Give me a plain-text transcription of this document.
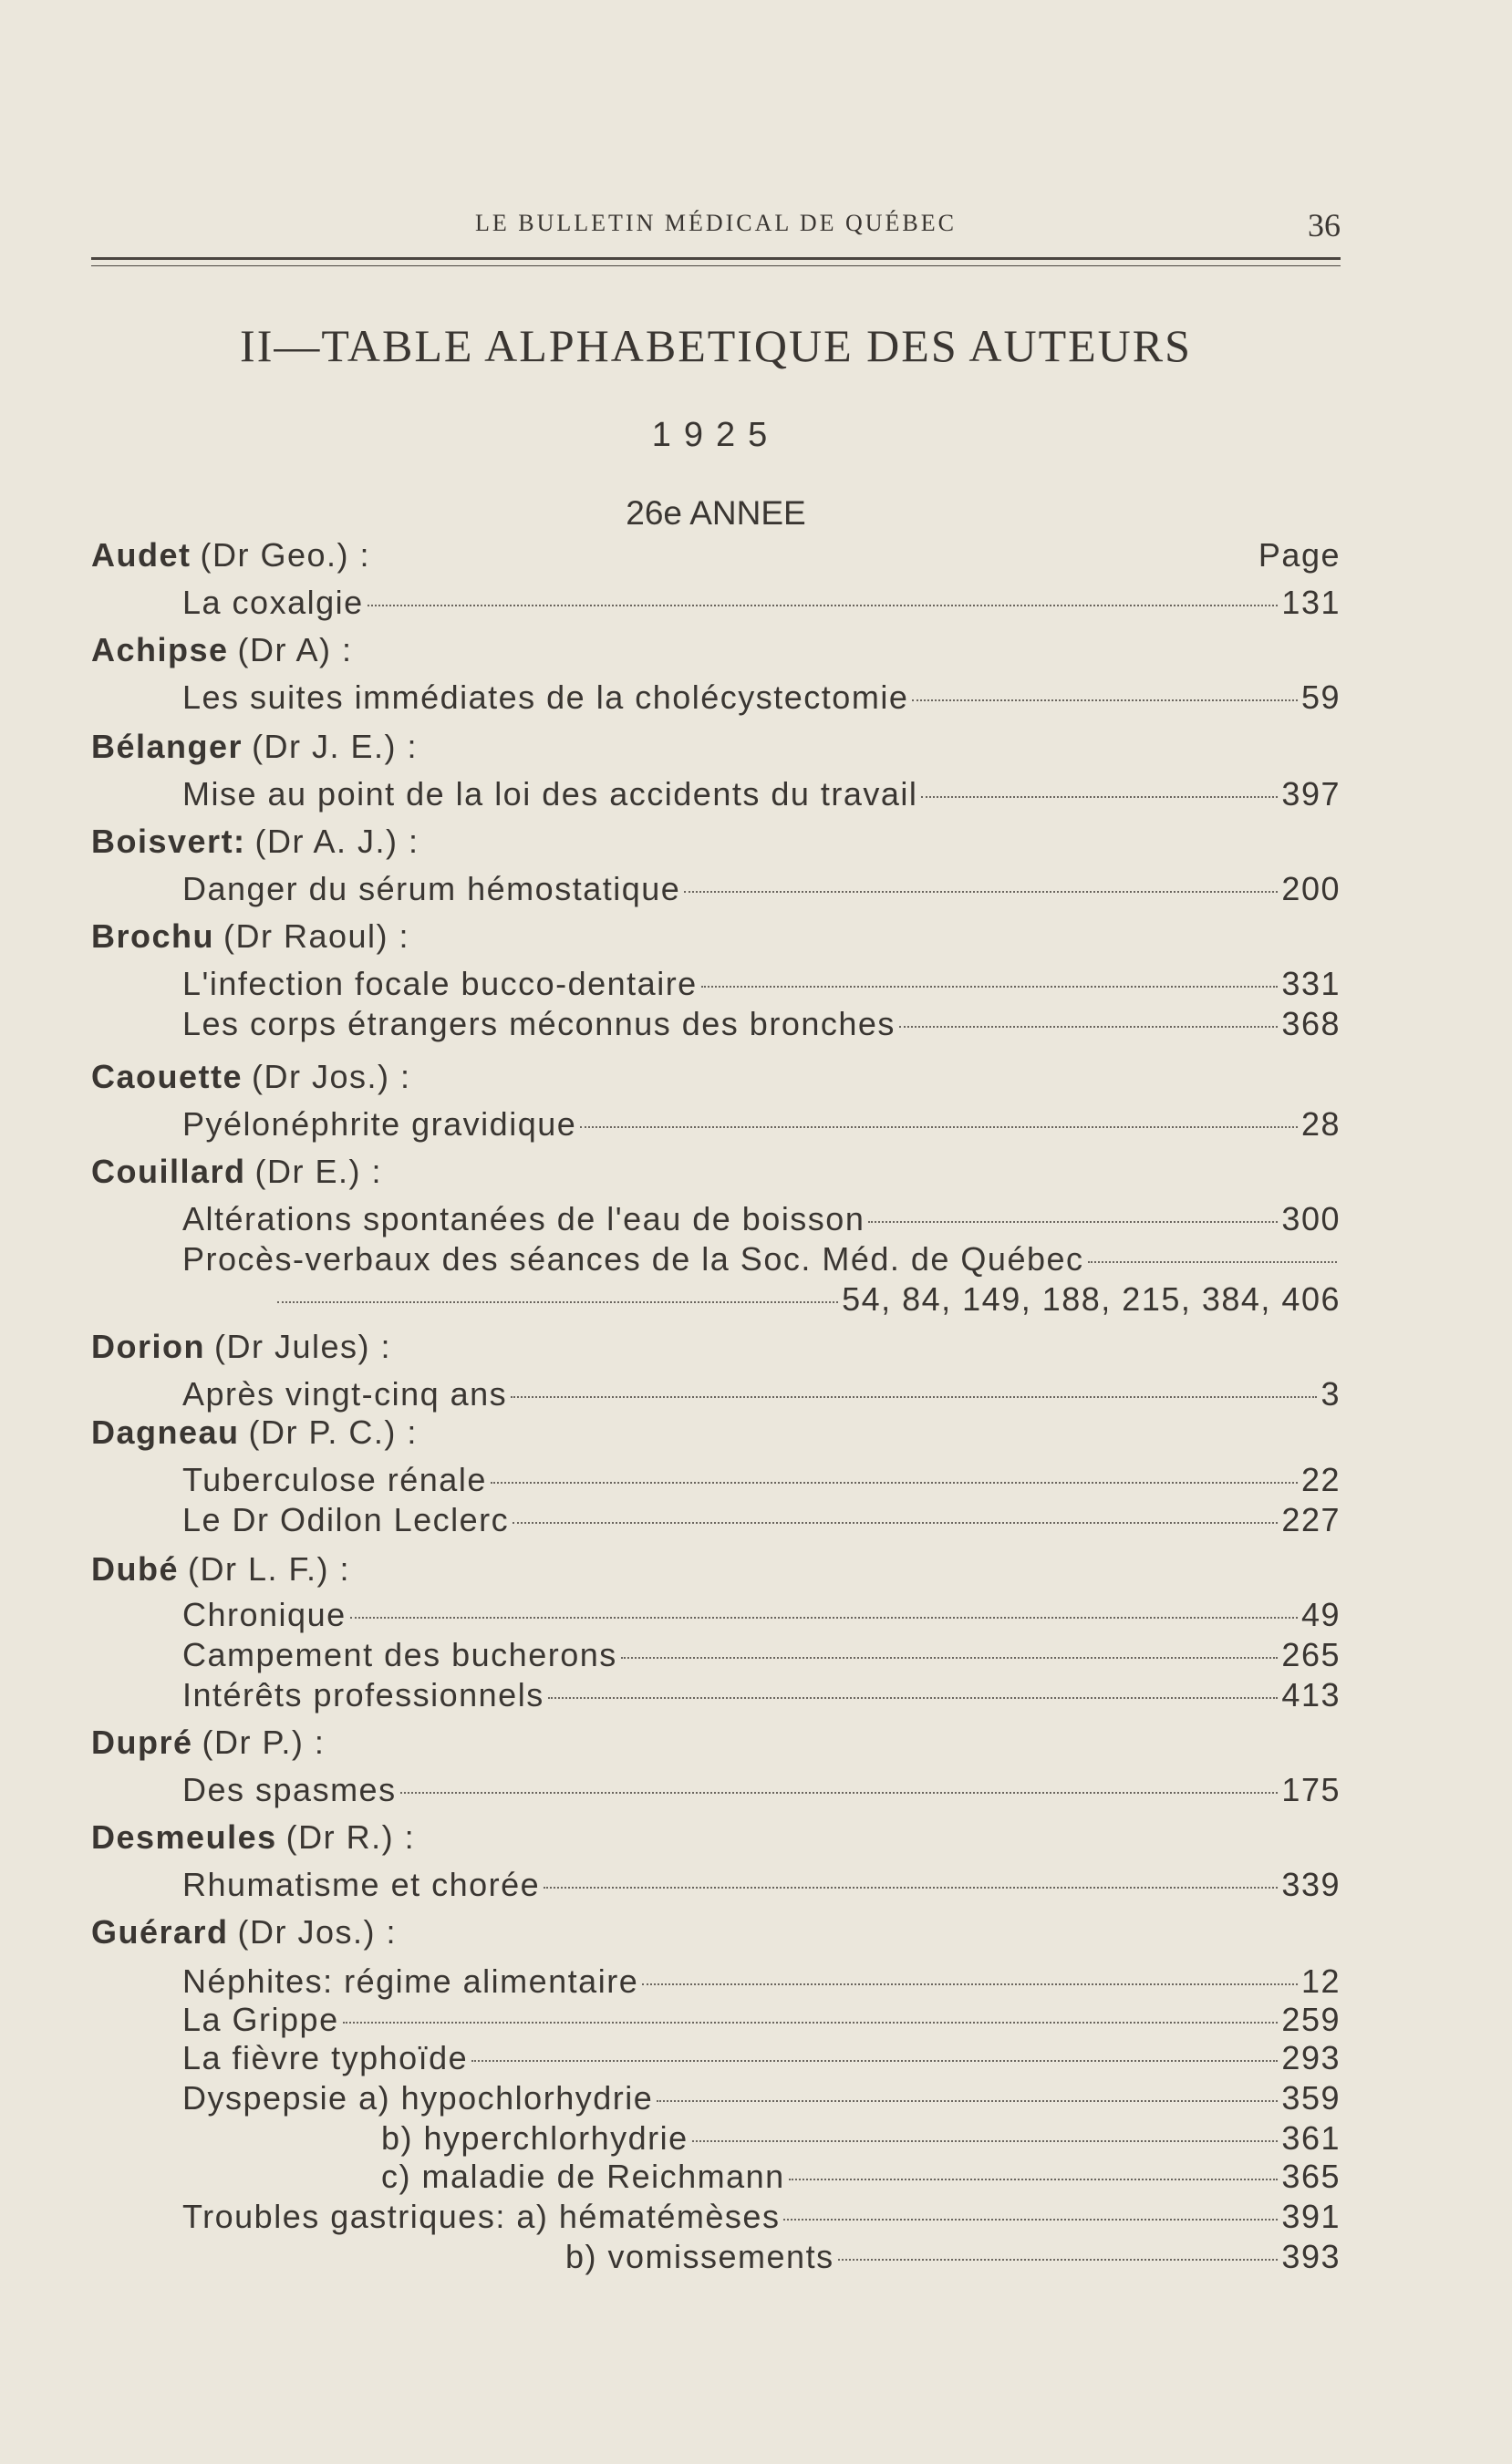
LE BULLETIN MÉDICAL DE QUÉBEC	36
II—TABLE ALPHABETIQUE DES AUTEURS
1925
26e ANNEE
Audet (Dr Geo.) :	Page
La coxalgie	131
Achipse (Dr A) :
Les suites immédiates de la cholécystectomie	59
Bélanger (Dr J. E.) :
Mise au point de la loi des accidents du travail	397
Boisvert: (Dr A. J.) :
Danger du sérum hémostatique	200
Brochu (Dr Raoul) :
L'infection focale bucco-dentaire	331
Les corps étrangers méconnus des bronches	368
Caouette (Dr Jos.) :
Pyélonéphrite gravidique	28
Couillard (Dr E.) :
Altérations spontanées de l'eau de boisson	300
Procès-verbaux des séances de la Soc. Méd. de Québec
54, 84, 149, 188, 215, 384, 406
Dorion (Dr Jules) :
Après vingt-cinq ans	3
Dagneau (Dr P. C.) :
Tuberculose rénale	22
Le Dr Odilon Leclerc	227
Dubé (Dr L. F.) :
Chronique	49
Campement des bucherons	265
Intérêts professionnels	413
Dupré (Dr P.) :
Des spasmes	175
Desmeules (Dr R.) :
Rhumatisme et chorée	339
Guérard (Dr Jos.) :
Néphites: régime alimentaire	12
La Grippe	259
La fièvre typhoïde	293
Dyspepsie a) hypochlorhydrie	359
b) hyperchlorhydrie	361
c) maladie de Reichmann	365
Troubles gastriques: a) hématémèses	391
b) vomissements	393
